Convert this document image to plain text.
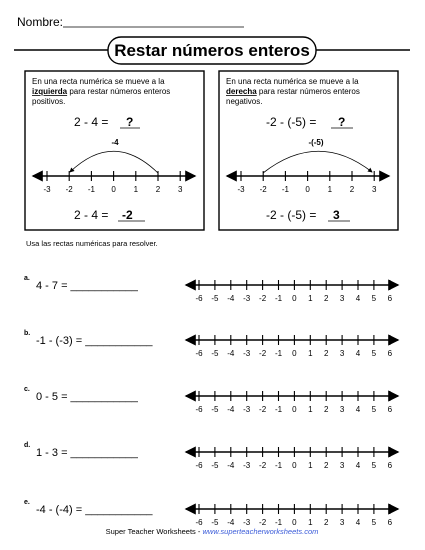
Nombre:
Restar números enteros
En una recta numérica se mueve a la
izquierda para restar números enteros
positivos.
2 - 4 = ?
-4
-3 -2 -1 0 1 2 3
2 - 4 = -2
En una recta numérica se mueve a la
derecha para restar números enteros
negativos.
-2 - (-5) = ?
-(-5)
-3 -2 -1 0 1 2 3
-2 - (-5) = 3
Usa las rectas numéricas para resolver.
a.
4 - 7 = ___________
-6 -5 -4 -3 -2 -1 0 1 2 3 4 5 6
b.
-1 - (-3) = ___________
-6 -5 -4 -3 -2 -1 0 1 2 3 4 5 6
c.
0 - 5 = ___________
-6 -5 -4 -3 -2 -1 0 1 2 3 4 5 6
d.
1 - 3 = ___________
-6 -5 -4 -3 -2 -1 0 1 2 3 4 5 6
e.
-4 - (-4) = ___________
-6 -5 -4 -3 -2 -1 0 1 2 3 4 5 6
Super Teacher Worksheets - www.superteacherworksheets.com
